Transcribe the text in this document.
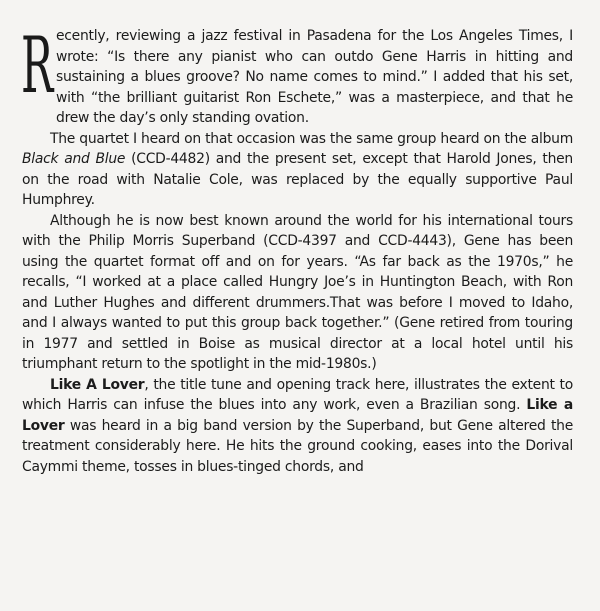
Recently, reviewing a jazz festival in Pasadena for the Los Angeles Times, I wrote: “Is there any pianist who can outdo Gene Harris in hitting and sustaining a blues groove? No name comes to mind.” I added that his set, with “the brilliant guitarist Ron Eschete,” was a masterpiece, and that he drew the day’s only standing ovation.

The quartet I heard on that occasion was the same group heard on the album Black and Blue (CCD-4482) and the present set, except that Harold Jones, then on the road with Natalie Cole, was replaced by the equally supportive Paul Humphrey.

Although he is now best known around the world for his international tours with the Philip Morris Superband (CCD-4397 and CCD-4443), Gene has been using the quartet format off and on for years. “As far back as the 1970s,” he recalls, “I worked at a place called Hungry Joe’s in Huntington Beach, with Ron and Luther Hughes and different drummers.That was before I moved to Idaho, and I always wanted to put this group back together.” (Gene retired from touring in 1977 and settled in Boise as musical director at a local hotel until his triumphant return to the spotlight in the mid-1980s.)

Like A Lover, the title tune and opening track here, illustrates the extent to which Harris can infuse the blues into any work, even a Brazilian song. Like a Lover was heard in a big band version by the Superband, but Gene altered the treatment considerably here. He hits the ground cooking, eases into the Dorival Caymmi theme, tosses in blues-tinged chords, and
